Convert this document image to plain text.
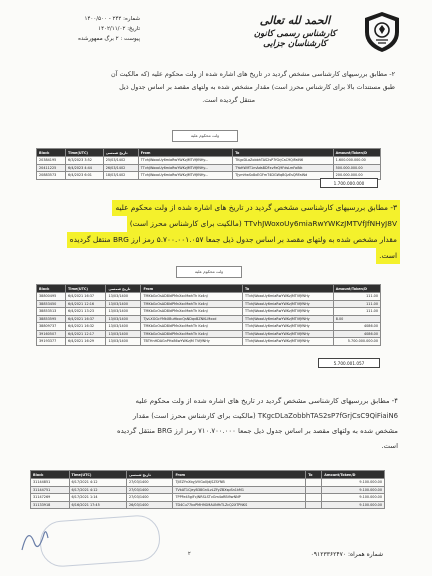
شماره: ۲۴۲ - ۱۴۰۰/۵۰۰
تاریخ: ۱۴۰۲/۱۱/۰۲
پیوست : ۲ برگ ممهورشده
الحمد لله تعالی
کارشناس رسمی کانون کارشناسان جزایی
۲- مطابق بررسیهای کارشناسی مشخص گردید در تاریخ های اشاره شده از ولت محکوم علیه (که مالکیت آن
طبق مستندات بالا برای کارشناس محرز است) مقدار مشخص شده به ولتهای مقصد بر اساس جدول ذیل
منتقل گردیده است.
ولت محکوم علیه
Block	Time(UTC)	تاریخ شمسی	From	To	Amount/Token/D
20384195	6/3/2023 3:52	25/03/1402	TTvhJWoxoUy6miaRwYWKzJMTVfJfNHy...	TKgcDLaZobbhTAS2sP7fGrjCsC9QiFaiN6	1.600.000.000.00
20411225	6/4/2023 4:44	26/03/1402	TTvhJWoxoUy6miaRwYWKzJMTVfJfNHy...	TYoHWlfT1mAdsBDFxvFeQ9FdsLmFaiNk	500.000.000.00
20883573	6/4/2023 6:01	18/03/1402	TTvhJWoxoUy6miaRwYWKzJMTVfJfNHy...	TJymHwSx8xEGFmT4DGWqBQzEsQRFaiNd	200.000.000.00
1.700.000.000
۳- مطابق بررسیهای کارشناسی مشخص گردید در تاریخ های اشاره شده از ولت محکوم علیه
TTvhJWoxoUy6miaRwYWKzJMTVfJfNHyJ8V (مالکیت برای کارشناس محرز است)
مقدار مشخص شده به ولتهای مقصد بر اساس جدول ذیل جمعا ۵.۷۰۰.۰۰۱.۰۵۷ رمز ارز BRG منتقل گردیده
است.
ولت محکوم علیه
Block	Time(UTC)	تاریخ شمسی	From	To	Amount/Token/D
38800495	6/4/2021 16:37	13/03/1400	TMKbGcOsAD8ldPMnXxcMwhTh Kz4nJ	TTvhJWoxoUy6miaRwYWKzJMTVfJfNHy	111.00
38853450	6/4/2021 12:16	13/03/1400	TMKbGcOsAD8ldPMnXxcMwhTh Kz4nJ	TTvhJWoxoUy6miaRwYWKzJMTVfJfNHy	111.00
38853513	6/4/2021 13:23	13/03/1400	TMKbGcOsAD8ldPMnXxcMwhTh Kz4nJ	TTvhJWoxoUy6miaRwYWKzJMTVfJfNHy	111.00
38853595	6/4/2021 16:37	13/03/1400	TJvLXGGcYMkXBuHbocQsNDqxBZNKLMxxd	TTvhJWoxoUy6miaRwYWKzJMTVfJfNHy	8.00
38809737	6/4/2021 16:32	13/03/1400	TMKbGcOsAD8ldPMnXxcMwhTh Kz4nJ	TTvhJWoxoUy6miaRwYWKzJMTVfJfNHy	4086.00
39160507	6/4/2021 12:17	13/03/1400	TMKbGcOsAD8ldPMnXxcMwhTh Kz4nJ	TTvhJWoxoUy6miaRwYWKzJMTVfJfNHy	4086.00
39193377	6/4/2021 16:29	13/03/1400	TBTHnHDAGnPHx86wYWKzJM TVfJfNHy	TTvhJWoxoUy6miaRwYWKzJMTVfJfNHy	5.700.000.000.00
5.700.001.057
۴- مطابق بررسیهای کارشناسی مشخص گردید در تاریخ های اشاره شده از ولت محکوم علیه
TKgcDLaZobbhTAS2sP7fGrjCsC9QiFiaiN6 (مالکیت برای کارشناس محرز است) مقدار
مشخص شده به ولتهای مقصد بر اساس جدول ذیل جمعا ۷۱۰.۷۰۰.۰۰۰ رمز ارز BRG منتقل گردیده
است.
Block	Time(UTC)	تاریخ شمسی	From	To	Amount/Token/D
31144851	6/17/2021 4:12	27/03/1400	TJiEZYnXbyjVVGo0JdjSZSYNB		9.100.000.00
31144751	6/17/2021 4:12	27/03/1400	TVkAT1CjeyB38GnlLvLZFyZBXspSn1kM1		9.100.000.00
31147269	6/17/2021 1:14	27/03/1400	TPPFe45glFcJNRSLSTvGm4aRBi9wNNP		9.100.000.00
31133918	6/16/2021 17:45	26/03/1400	TD4Cu77kxPMH9GMAUNfhTLZcQ2XTPNKS		9.100.000.00
۲	شماره همراه: ۰۹۱۲۳۳۶۲۴۷۰
